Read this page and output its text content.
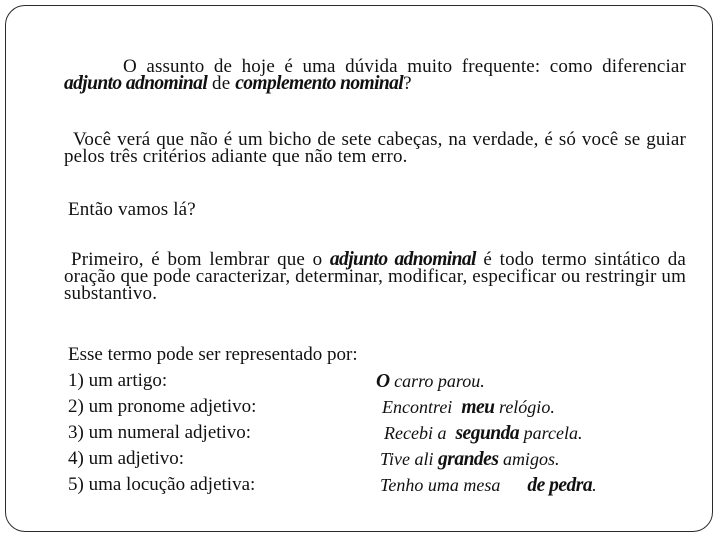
O assunto de hoje é uma dúvida muito frequente: como diferenciar adjunto adnominal de complemento nominal?

Você verá que não é um bicho de sete cabeças, na verdade, é só você se guiar pelos três critérios adiante que não tem erro.

Então vamos lá?

Primeiro, é bom lembrar que o adjunto adnominal é todo termo sintático da oração que pode caracterizar, determinar, modificar, especificar ou restringir um substantivo.

Esse termo pode ser representado por:
1) um artigo:	O carro parou.
2) um pronome adjetivo:	Encontrei  meu relógio.
3) um numeral adjetivo:	Recebi a  segunda parcela.
4) um adjetivo:	Tive ali grandes amigos.
5) uma locução adjetiva:	Tenho uma mesa      de pedra.
